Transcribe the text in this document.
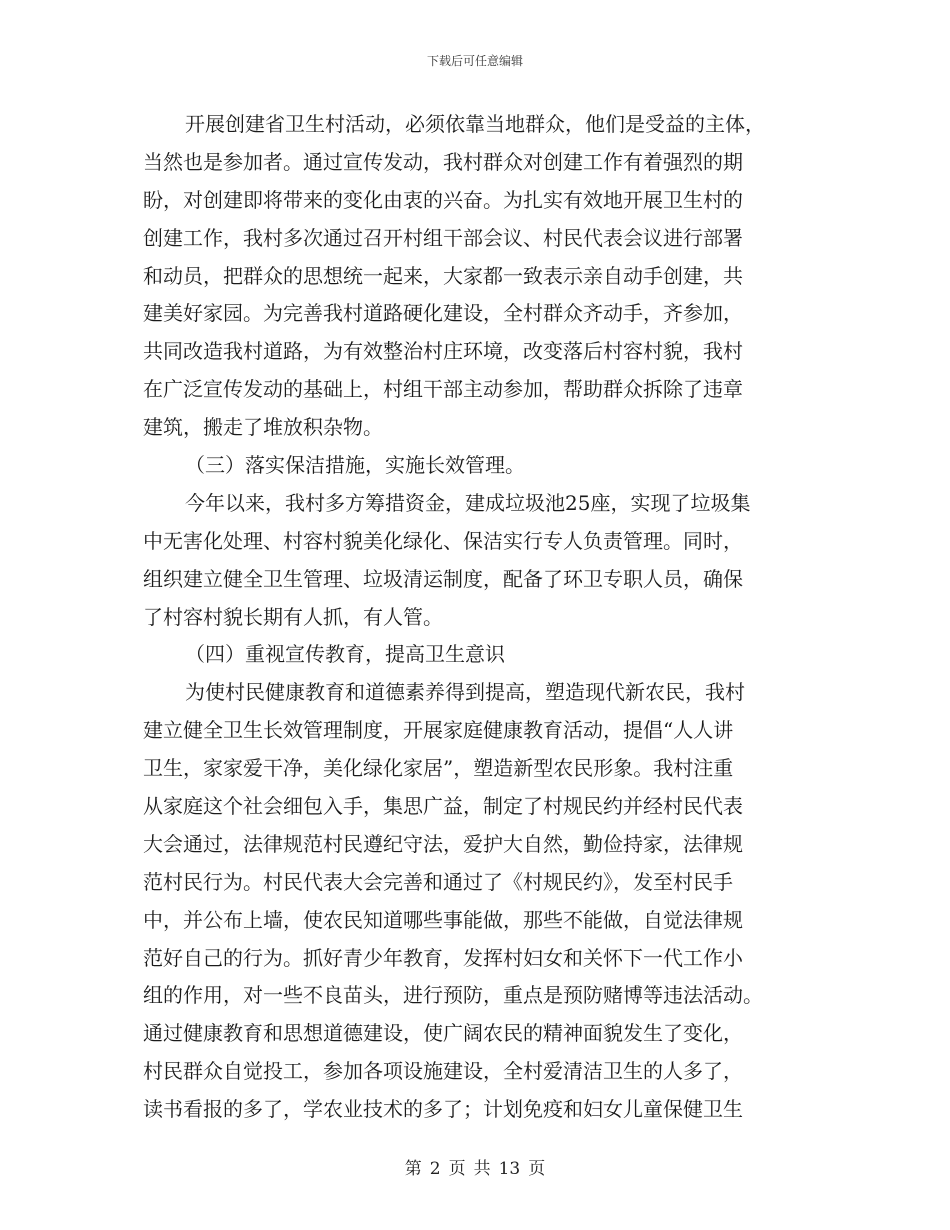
下载后可任意编辑
开展创建省卫生村活动，必须依靠当地群众，他们是受益的主体，
当然也是参加者。通过宣传发动，我村群众对创建工作有着强烈的期
盼，对创建即将带来的变化由衷的兴奋。为扎实有效地开展卫生村的
创建工作，我村多次通过召开村组干部会议、村民代表会议进行部署
和动员，把群众的思想统一起来，大家都一致表示亲自动手创建，共
建美好家园。为完善我村道路硬化建设，全村群众齐动手，齐参加，
共同改造我村道路，为有效整治村庄环境，改变落后村容村貌，我村
在广泛宣传发动的基础上，村组干部主动参加，帮助群众拆除了违章
建筑，搬走了堆放积杂物。
（三）落实保洁措施，实施长效管理。
今年以来，我村多方筹措资金，建成垃圾池25座，实现了垃圾集
中无害化处理、村容村貌美化绿化、保洁实行专人负责管理。同时，
组织建立健全卫生管理、垃圾清运制度，配备了环卫专职人员，确保
了村容村貌长期有人抓，有人管。
（四）重视宣传教育，提高卫生意识
为使村民健康教育和道德素养得到提高，塑造现代新农民，我村
建立健全卫生长效管理制度，开展家庭健康教育活动，提倡“人人讲
卫生，家家爱干净，美化绿化家居”，塑造新型农民形象。我村注重
从家庭这个社会细包入手，集思广益，制定了村规民约并经村民代表
大会通过，法律规范村民遵纪守法，爱护大自然，勤俭持家，法律规
范村民行为。村民代表大会完善和通过了《村规民约》，发至村民手
中，并公布上墙，使农民知道哪些事能做，那些不能做，自觉法律规
范好自己的行为。抓好青少年教育，发挥村妇女和关怀下一代工作小
组的作用，对一些不良苗头，进行预防，重点是预防赌博等违法活动。
通过健康教育和思想道德建设，使广阔农民的精神面貌发生了变化，
村民群众自觉投工，参加各项设施建设，全村爱清洁卫生的人多了，
读书看报的多了，学农业技术的多了；计划免疫和妇女儿童保健卫生
第 2 页 共 13 页
